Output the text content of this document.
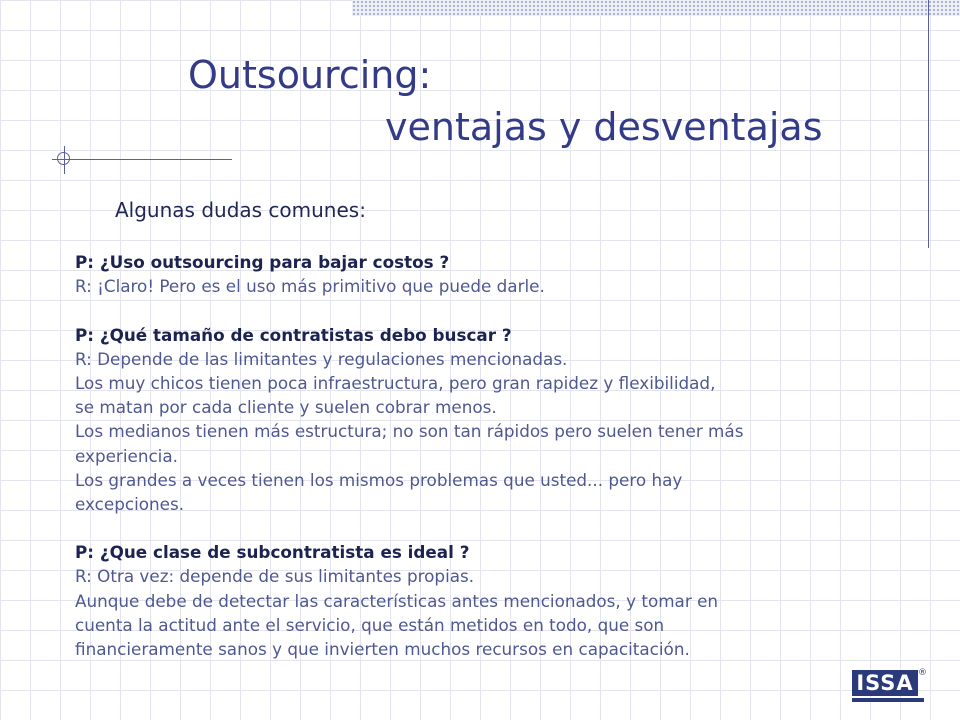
Outsourcing:
ventajas y desventajas
Algunas dudas comunes:
P: ¿Uso outsourcing para bajar costos ?
R: ¡Claro! Pero es el uso más primitivo que puede darle.
P: ¿Qué tamaño de contratistas debo buscar ?
R: Depende de las limitantes y regulaciones mencionadas.
Los muy chicos tienen poca infraestructura, pero gran rapidez y flexibilidad,
se matan por cada cliente y suelen cobrar menos.
Los medianos tienen más estructura; no son tan rápidos pero suelen tener más
experiencia.
Los grandes a veces tienen los mismos problemas que usted... pero hay
excepciones.
P: ¿Que clase de subcontratista es ideal ?
R: Otra vez: depende de sus limitantes propias.
Aunque debe de detectar las características antes mencionados, y tomar en
cuenta la actitud ante el servicio, que están metidos en todo, que son
financieramente sanos y que invierten muchos recursos en capacitación.
ISSA ®
